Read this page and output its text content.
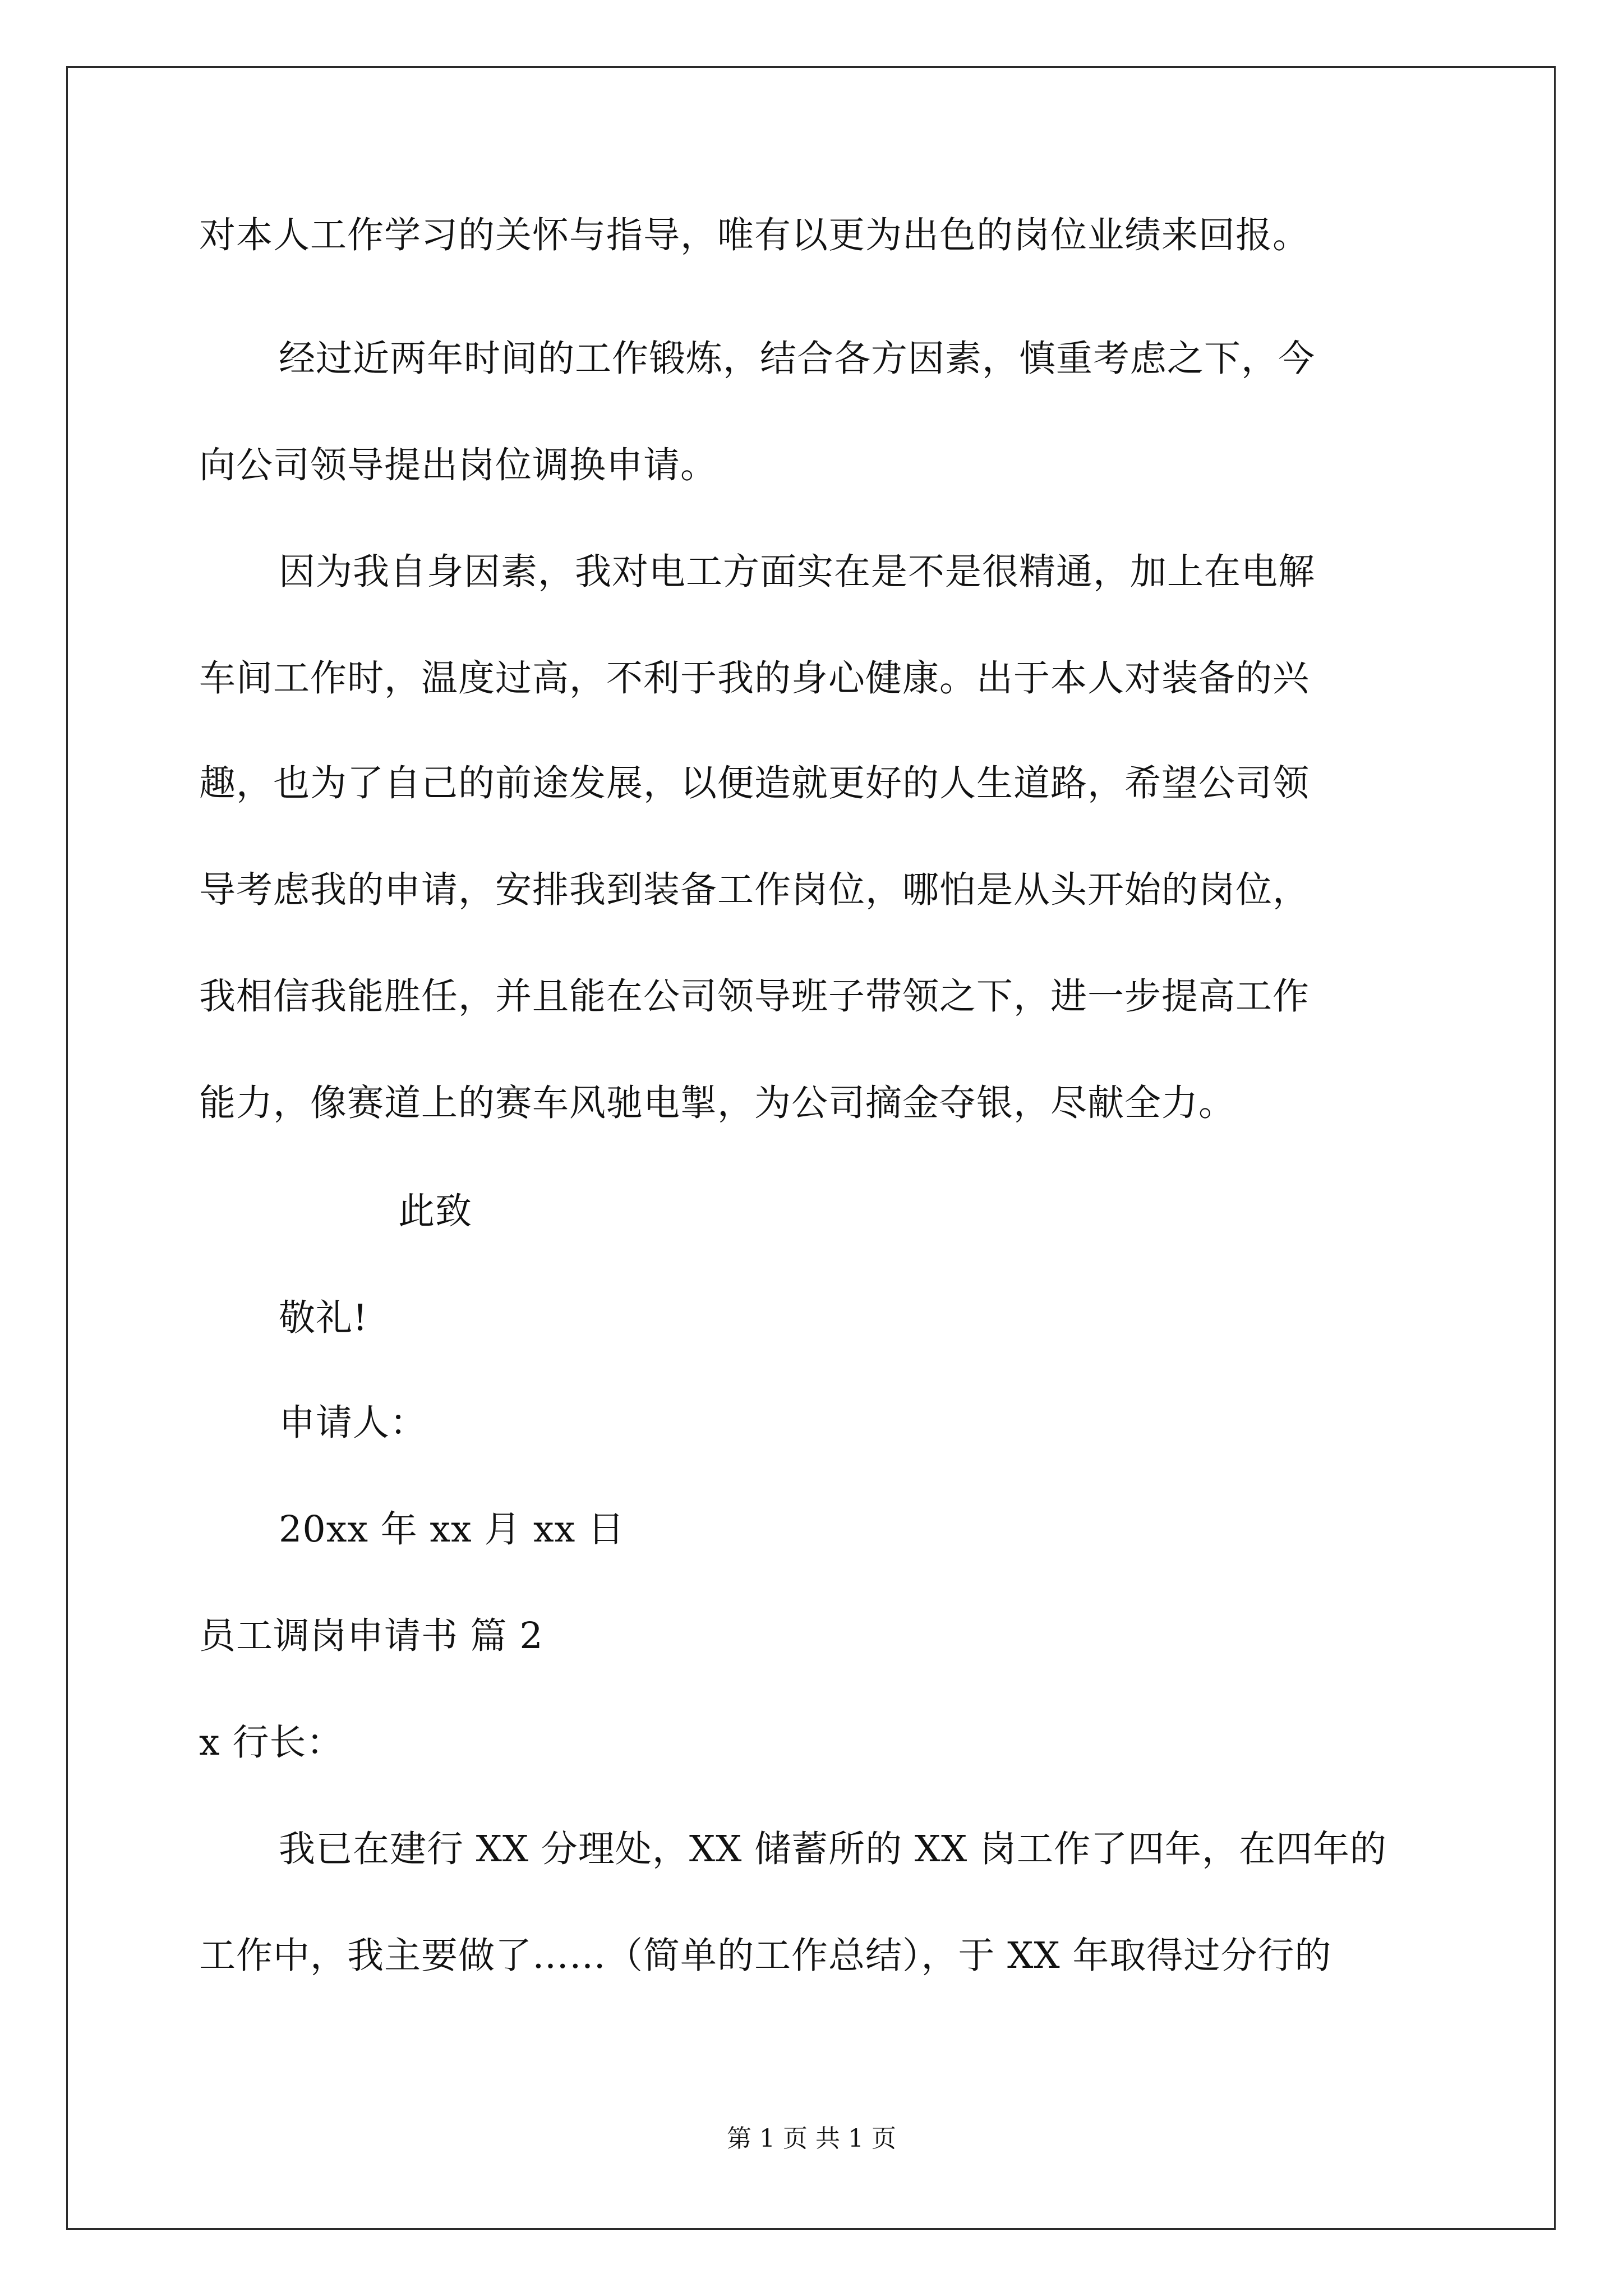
对本人工作学习的关怀与指导，唯有以更为出色的岗位业绩来回报。
经过近两年时间的工作锻炼，结合各方因素，慎重考虑之下，今
向公司领导提出岗位调换申请。
因为我自身因素，我对电工方面实在是不是很精通，加上在电解
车间工作时，温度过高，不利于我的身心健康。出于本人对装备的兴
趣，也为了自己的前途发展，以便造就更好的人生道路，希望公司领
导考虑我的申请，安排我到装备工作岗位，哪怕是从头开始的岗位，
我相信我能胜任，并且能在公司领导班子带领之下，进一步提高工作
能力，像赛道上的赛车风驰电掣，为公司摘金夺银，尽献全力。
此致
敬礼!
申请人：
20xx 年 xx 月 xx 日
员工调岗申请书 篇 2
x 行长：
我已在建行 XX 分理处，XX 储蓄所的 XX 岗工作了四年，在四年的
工作中，我主要做了……（简单的工作总结），于 XX 年取得过分行的
第 1 页 共 1 页
